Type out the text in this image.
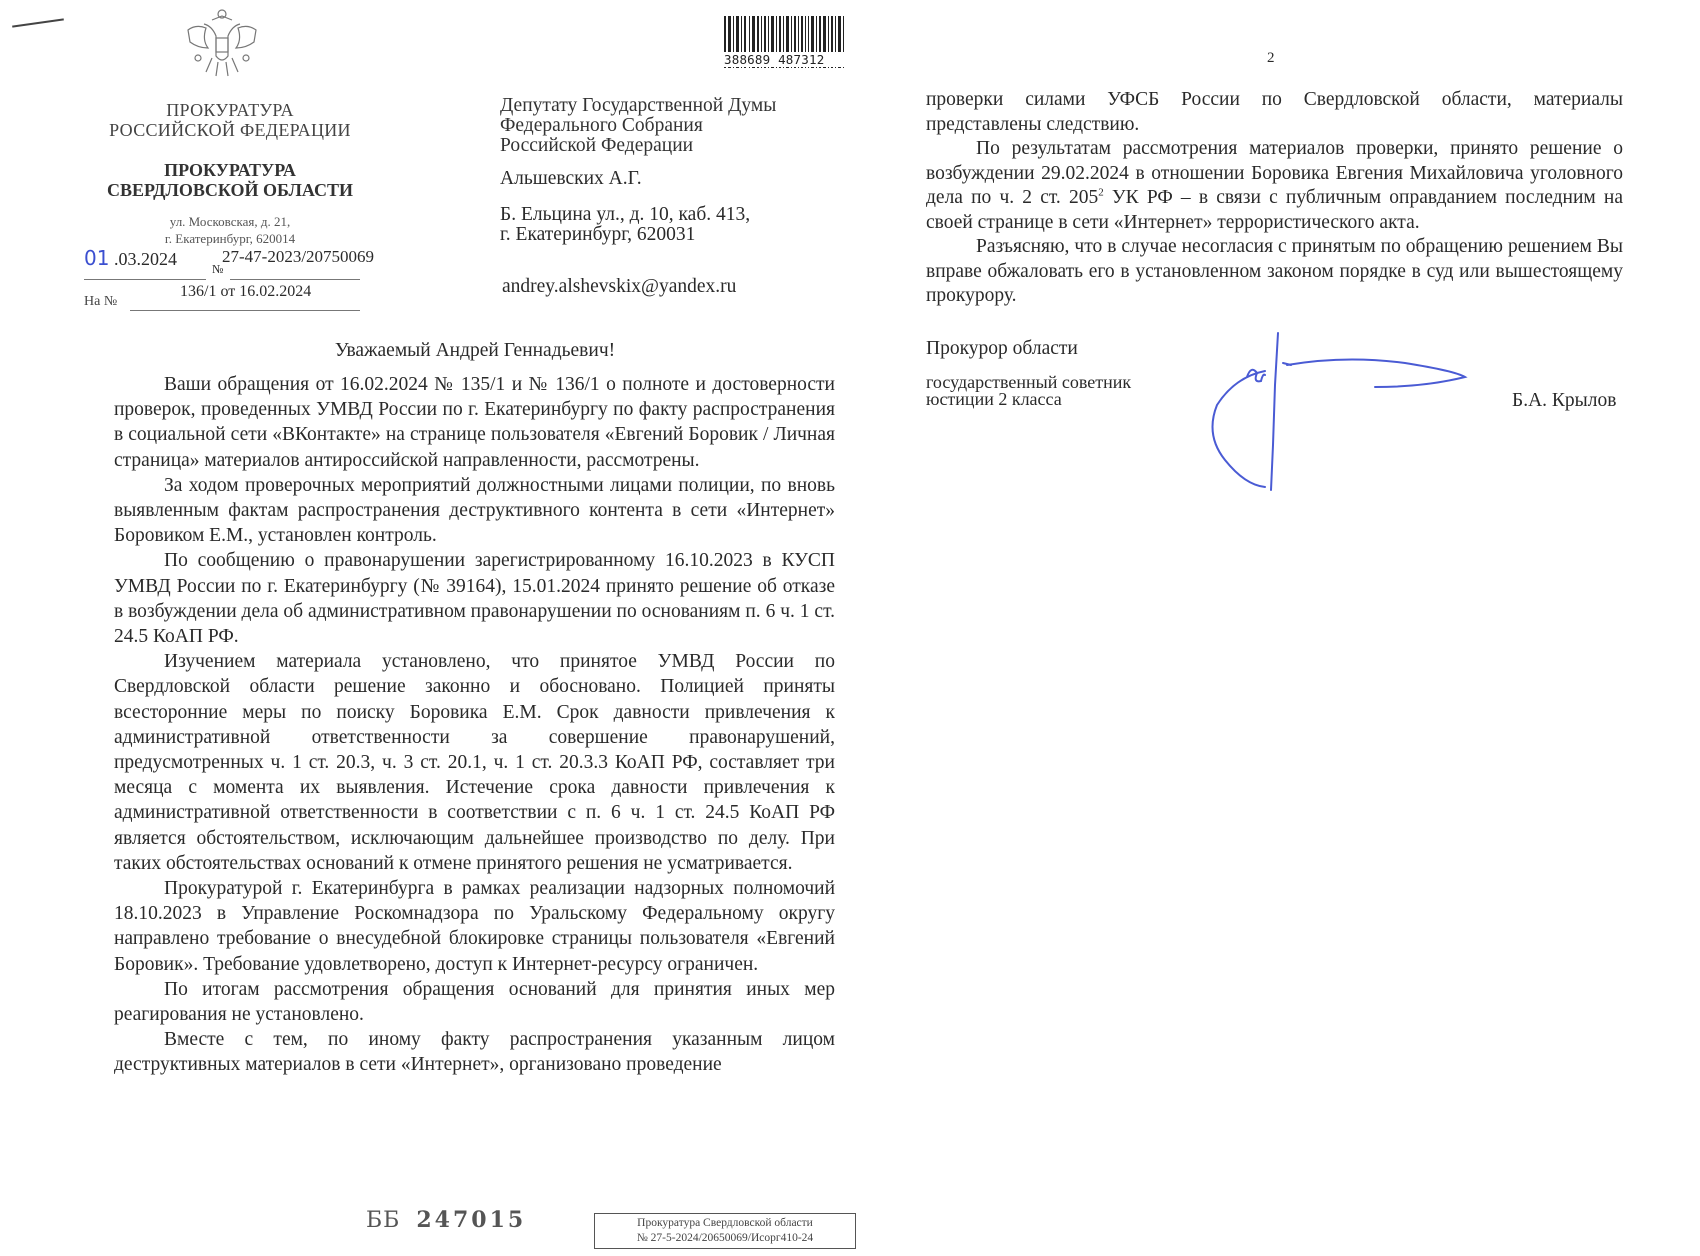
ПРОКУРАТУРА
РОССИЙСКОЙ ФЕДЕРАЦИИ
ПРОКУРАТУРА
СВЕРДЛОВСКОЙ ОБЛАСТИ
ул. Московская, д. 21,
г. Екатеринбург, 620014
01 .03.2024	27-47-2023/20750069
№
На №
136/1 от 16.02.2024
388689 487312

Депутату Государственной Думы

Федерального Собрания

Российской Федерации

Альшевских А.Г.
Б. Ельцина ул., д. 10, каб. 413,
г. Екатеринбург, 620031
andrey.alshevskix@yandex.ru
Уважаемый Андрей Геннадьевич!

Ваши обращения от 16.02.2024 № 135/1 и № 136/1 о полноте и достоверности проверок, проведенных УМВД России по г. Екатеринбургу по факту распространения в социальной сети «ВКонтакте» на странице пользователя «Евгений Боровик / Личная страница» материалов антироссийской направленности, рассмотрены.

За ходом проверочных мероприятий должностными лицами полиции, по вновь выявленным фактам распространения деструктивного контента в сети «Интернет» Боровиком Е.М., установлен контроль.

По сообщению о правонарушении зарегистрированному 16.10.2023 в КУСП УМВД России по г. Екатеринбургу (№ 39164), 15.01.2024 принято решение об отказе в возбуждении дела об административном правонарушении по основаниям п. 6 ч. 1 ст. 24.5 КоАП РФ.

Изучением материала установлено, что принятое УМВД России по Свердловской области решение законно и обосновано. Полицией приняты всесторонние меры по поиску Боровика Е.М. Срок давности привлечения к административной ответственности за совершение правонарушений, предусмотренных ч. 1 ст. 20.3, ч. 3 ст. 20.1, ч. 1 ст. 20.3.3 КоАП РФ, составляет три месяца с момента их выявления. Истечение срока давности привлечения к административной ответственности в соответствии с п. 6 ч. 1 ст. 24.5 КоАП РФ является обстоятельством, исключающим дальнейшее производство по делу. При таких обстоятельствах оснований к отмене принятого решения не усматривается.

Прокуратурой г. Екатеринбурга в рамках реализации надзорных полномочий 18.10.2023 в Управление Роскомнадзора по Уральскому Федеральному округу направлено требование о внесудебной блокировке страницы пользователя «Евгений Боровик». Требование удовлетворено, доступ к Интернет-ресурсу ограничен.

По итогам рассмотрения обращения оснований для принятия иных мер реагирования не установлено.

Вместе с тем, по иному факту распространения указанным лицом деструктивных материалов в сети «Интернет», организовано проведение

ББ 247015	Прокуратура Свердловской области
№ 27-5-2024/20650069/Исорг410-24
2

проверки силами УФСБ России по Свердловской области, материалы представлены следствию.

По результатам рассмотрения материалов проверки, принято решение о возбуждении 29.02.2024 в отношении Боровика Евгения Михайловича уголовного дела по ч. 2 ст. $205^2$ УК РФ – в связи с публичным оправданием последним на своей странице в сети «Интернет» террористического акта.

Разъясняю, что в случае несогласия с принятым по обращению решением Вы вправе обжаловать его в установленном законом порядке в суд или вышестоящему прокурору.

Прокурор области
государственный советник
юстиции 2 класса	Б.А. Крылов
